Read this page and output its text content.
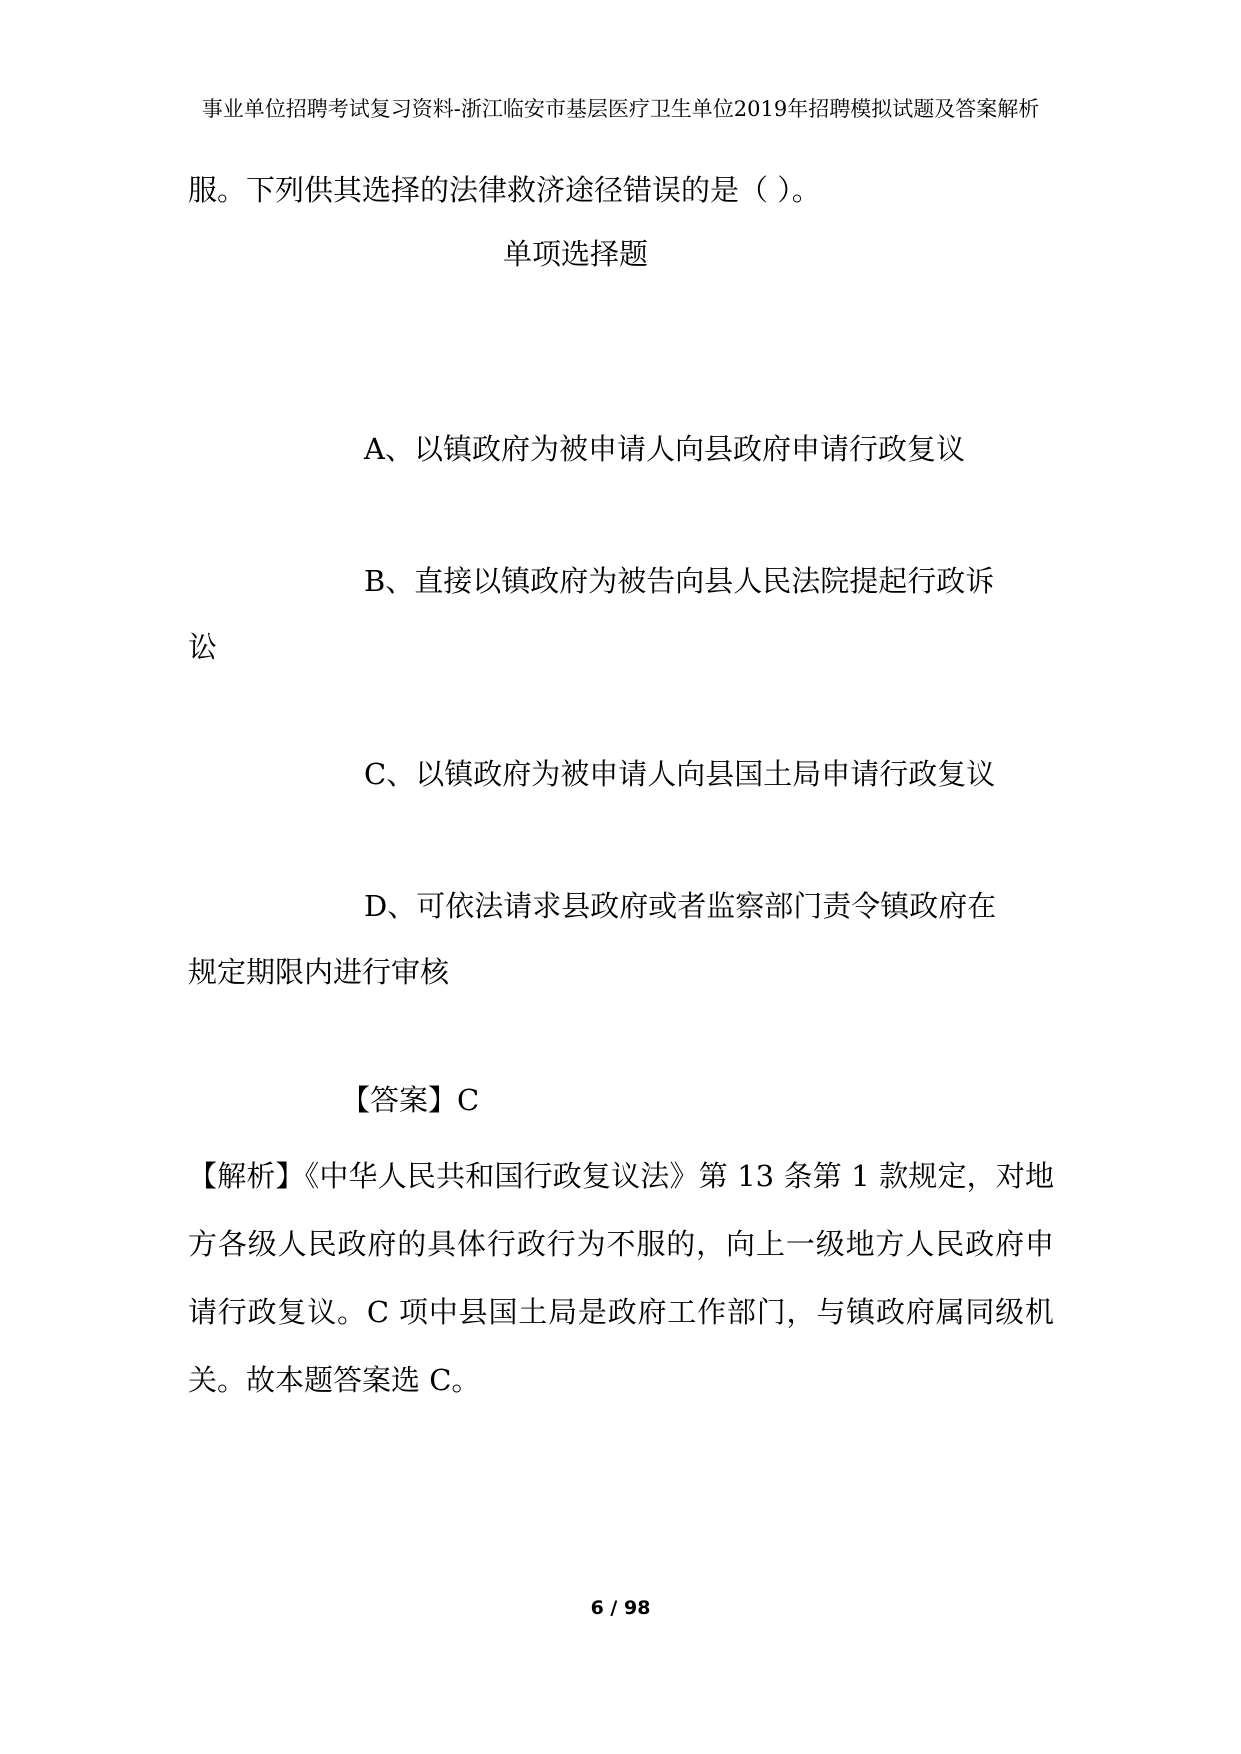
事业单位招聘考试复习资料-浙江临安市基层医疗卫生单位2019年招聘模拟试题及答案解析
服。下列供其选择的法律救济途径错误的是（ ）。
单项选择题
A、以镇政府为被申请人向县政府申请行政复议
B、直接以镇政府为被告向县人民法院提起行政诉
讼
C、以镇政府为被申请人向县国土局申请行政复议
D、可依法请求县政府或者监察部门责令镇政府在
规定期限内进行审核
【答案】C
【解析】《中华人民共和国行政复议法》第 13 条第 1 款规定，对地方各级人民政府的具体行政行为不服的，向上一级地方人民政府申请行政复议。C 项中县国土局是政府工作部门，与镇政府属同级机关。故本题答案选 C。
6 / 98
